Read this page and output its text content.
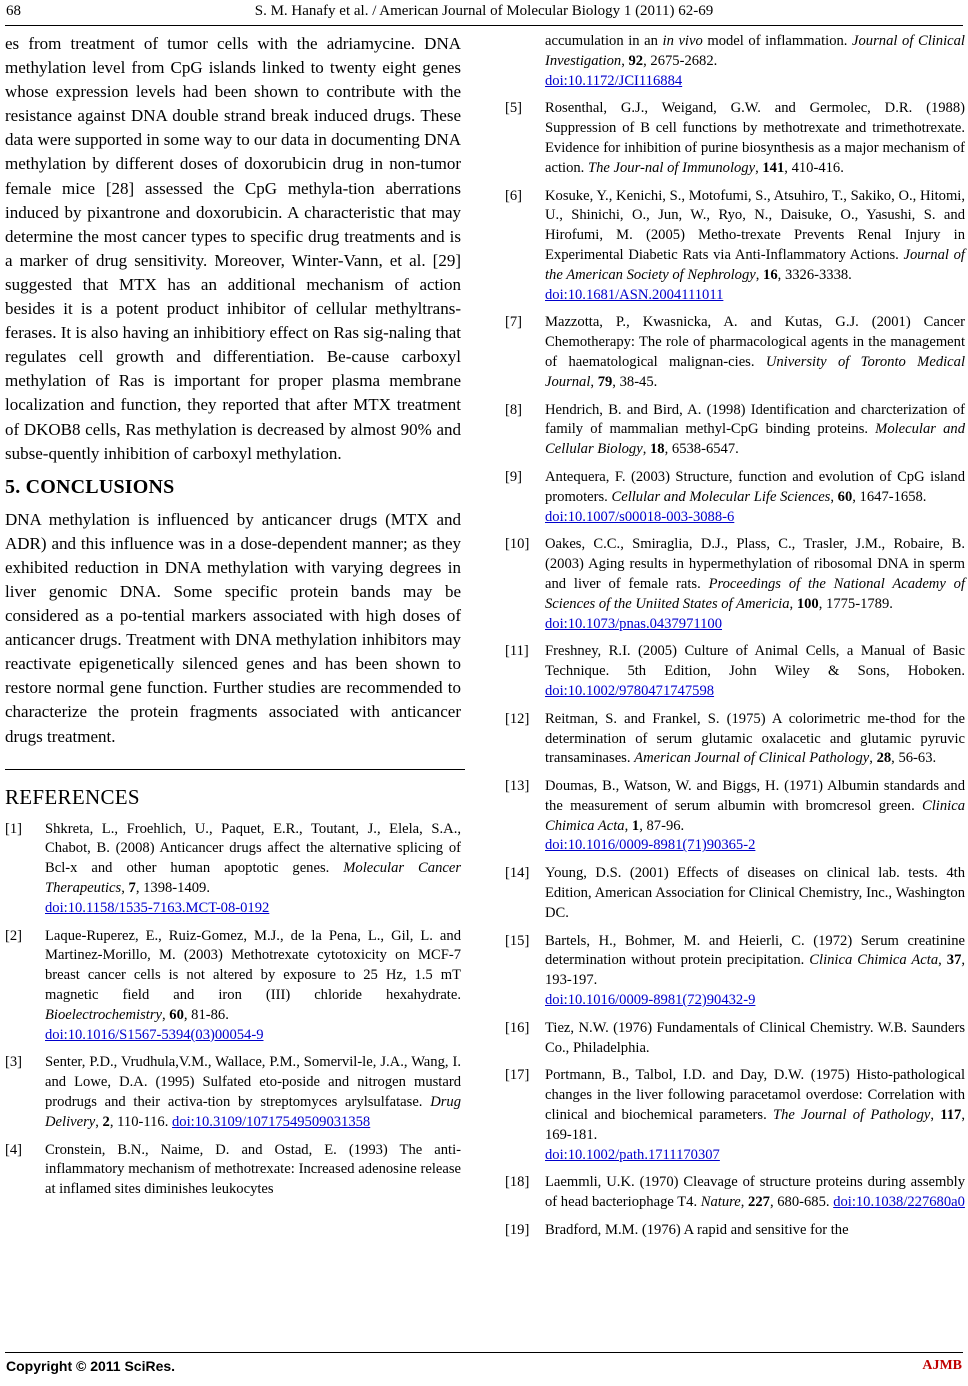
68	S. M. Hanafy et al. / American Journal of Molecular Biology 1 (2011) 62-69

es from treatment of tumor cells with the adriamycine. DNA methylation level from CpG islands linked to twenty eight genes whose expression levels had been shown to contribute with the resistance against DNA double strand break induced drugs. These data were supported in some way to our data in documenting DNA methylation by different doses of doxorubicin drug in non-tumor female mice [28] assessed the CpG methyla-tion aberrations induced by pixantrone and doxorubicin. A characteristic that may determine the most cancer types to specific drug treatments and is a marker of drug sensitivity. Moreover, Winter-Vann, et al. [29] suggested that MTX has an additional mechanism of action besides it is a potent product inhibitor of cellular methyltrans-ferases. It is also having an inhibitiory effect on Ras sig-naling that regulates cell growth and differentiation. Be-cause carboxyl methylation of Ras is important for proper plasma membrane localization and function, they reported that after MTX treatment of DKOB8 cells, Ras methylation is decreased by almost 90% and subse-quently inhibition of carboxyl methylation.

5. CONCLUSIONS

DNA methylation is influenced by anticancer drugs (MTX and ADR) and this influence was in a dose-dependent manner; as they exhibited reduction in DNA methylation with varying degrees in liver genomic DNA. Some specific protein bands may be considered as a po-tential markers associated with high doses of anticancer drugs. Treatment with DNA methylation inhibitors may reactivate epigenetically silenced genes and has been shown to restore normal gene function. Further studies are recommended to characterize the protein fragments associated with anticancer drugs treatment.

REFERENCES
[1] Shkreta, L., Froehlich, U., Paquet, E.R., Toutant, J., Elela, S.A., Chabot, B. (2008) Anticancer drugs affect the alternative splicing of Bcl-x and other human apoptotic genes. Molecular Cancer Therapeutics, 7, 1398-1409.
doi:10.1158/1535-7163.MCT-08-0192
[2] Laque-Ruperez, E., Ruiz-Gomez, M.J., de la Pena, L., Gil, L. and Martinez-Morillo, M. (2003) Methotrexate cytotoxicity on MCF-7 breast cancer cells is not altered by exposure to 25 Hz, 1.5 mT magnetic field and iron (III) chloride hexahydrate. Bioelectrochemistry, 60, 81-86.
doi:10.1016/S1567-5394(03)00054-9
[3] Senter, P.D., Vrudhula,V.M., Wallace, P.M., Somervil-le, J.A., Wang, I. and Lowe, D.A. (1995) Sulfated eto-poside and nitrogen mustard prodrugs and their activa-tion by streptomyces arylsulfatase. Drug Delivery, 2, 110-116. doi:10.3109/10717549509031358
[4] Cronstein, B.N., Naime, D. and Ostad, E. (1993) The anti-inflammatory mechanism of methotrexate: Increased adenosine release at inflamed sites diminishes leukocytes
accumulation in an in vivo model of inflammation. Journal of Clinical Investigation, 92, 2675-2682.
doi:10.1172/JCI116884
[5] Rosenthal, G.J., Weigand, G.W. and Germolec, D.R. (1988) Suppression of B cell functions by methotrexate and trimethotrexate. Evidence for inhibition of purine biosynthesis as a major mechanism of action. The Jour-nal of Immunology, 141, 410-416.
[6] Kosuke, Y., Kenichi, S., Motofumi, S., Atsuhiro, T., Sakiko, O., Hitomi, U., Shinichi, O., Jun, W., Ryo, N., Daisuke, O., Yasushi, S. and Hirofumi, M. (2005) Metho-trexate Prevents Renal Injury in Experimental Diabetic Rats via Anti-Inflammatory Actions. Journal of the American Society of Nephrology, 16, 3326-3338.
doi:10.1681/ASN.2004111011
[7] Mazzotta, P., Kwasnicka, A. and Kutas, G.J. (2001) Cancer Chemotherapy: The role of pharmacological agents in the management of haematological malignan-cies. University of Toronto Medical Journal, 79, 38-45.
[8] Hendrich, B. and Bird, A. (1998) Identification and charcterization of family of mammalian methyl-CpG binding proteins. Molecular and Cellular Biology, 18, 6538-6547.
[9] Antequera, F. (2003) Structure, function and evolution of CpG island promoters. Cellular and Molecular Life Sciences, 60, 1647-1658.
doi:10.1007/s00018-003-3088-6
[10] Oakes, C.C., Smiraglia, D.J., Plass, C., Trasler, J.M., Robaire, B. (2003) Aging results in hypermethylation of ribosomal DNA in sperm and liver of female rats. Proceedings of the National Academy of Sciences of the Uniited States of Americia, 100, 1775-1789.
doi:10.1073/pnas.0437971100
[11] Freshney, R.I. (2005) Culture of Animal Cells, a Manual of Basic Technique. 5th Edition, John Wiley & Sons, Hoboken. doi:10.1002/9780471747598
[12] Reitman, S. and Frankel, S. (1975) A colorimetric me-thod for the determination of serum glutamic oxalacetic and glutamic pyruvic transaminases. American Journal of Clinical Pathology, 28, 56-63.
[13] Doumas, B., Watson, W. and Biggs, H. (1971) Albumin standards and the measurement of serum albumin with bromcresol green. Clinica Chimica Acta, 1, 87-96.
doi:10.1016/0009-8981(71)90365-2
[14] Young, D.S. (2001) Effects of diseases on clinical lab. tests. 4th Edition, American Association for Clinical Chemistry, Inc., Washington DC.
[15] Bartels, H., Bohmer, M. and Heierli, C. (1972) Serum creatinine determination without protein precipitation. Clinica Chimica Acta, 37, 193-197.
doi:10.1016/0009-8981(72)90432-9
[16] Tiez, N.W. (1976) Fundamentals of Clinical Chemistry. W.B. Saunders Co., Philadelphia.
[17] Portmann, B., Talbol, I.D. and Day, D.W. (1975) Histo-pathological changes in the liver following paracetamol overdose: Correlation with clinical and biochemical parameters. The Journal of Pathology, 117, 169-181.
doi:10.1002/path.1711170307
[18] Laemmli, U.K. (1970) Cleavage of structure proteins during assembly of head bacteriophage T4. Nature, 227, 680-685. doi:10.1038/227680a0
[19] Bradford, M.M. (1976) A rapid and sensitive for the
Copyright © 2011 SciRes.	AJMB
